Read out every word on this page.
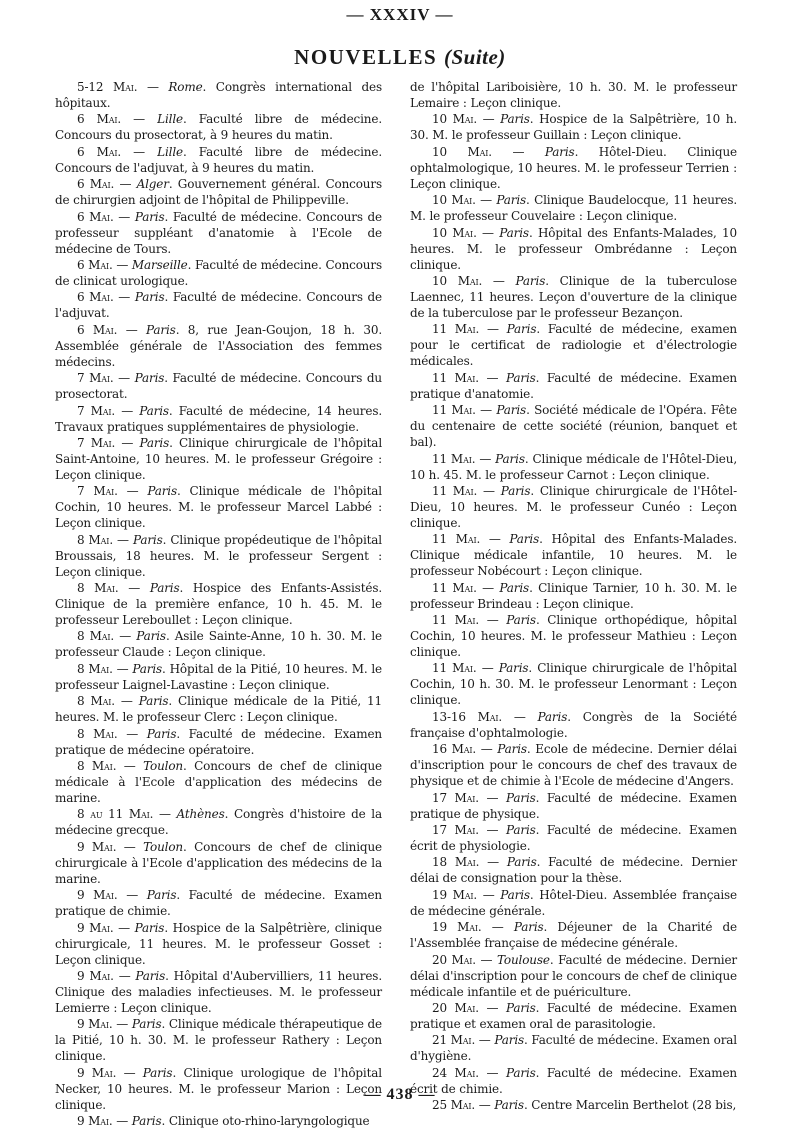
— XXXIV —
NOUVELLES (Suite)

5-12 Mai. — Rome. Congrès international des hôpitaux.

6 Mai. — Lille. Faculté libre de médecine. Concours du prosectorat, à 9 heures du matin.

6 Mai. — Lille. Faculté libre de médecine. Concours de l'adjuvat, à 9 heures du matin.

6 Mai. — Alger. Gouvernement général. Concours de chirurgien adjoint de l'hôpital de Philippeville.

6 Mai. — Paris. Faculté de médecine. Concours de professeur suppléant d'anatomie à l'Ecole de médecine de Tours.

6 Mai. — Marseille. Faculté de médecine. Concours de clinicat urologique.

6 Mai. — Paris. Faculté de médecine. Concours de l'adjuvat.

6 Mai. — Paris. 8, rue Jean-Goujon, 18 h. 30. Assemblée générale de l'Association des femmes médecins.

7 Mai. — Paris. Faculté de médecine. Concours du prosectorat.

7 Mai. — Paris. Faculté de médecine, 14 heures. Travaux pratiques supplémentaires de physiologie.

7 Mai. — Paris. Clinique chirurgicale de l'hôpital Saint-Antoine, 10 heures. M. le professeur Grégoire : Leçon clinique.

7 Mai. — Paris. Clinique médicale de l'hôpital Cochin, 10 heures. M. le professeur Marcel Labbé : Leçon clinique.

8 Mai. — Paris. Clinique propédeutique de l'hôpital Broussais, 18 heures. M. le professeur Sergent : Leçon clinique.

8 Mai. — Paris. Hospice des Enfants-Assistés. Clinique de la première enfance, 10 h. 45. M. le professeur Lereboullet : Leçon clinique.

8 Mai. — Paris. Asile Sainte-Anne, 10 h. 30. M. le professeur Claude : Leçon clinique.

8 Mai. — Paris. Hôpital de la Pitié, 10 heures. M. le professeur Laignel-Lavastine : Leçon clinique.

8 Mai. — Paris. Clinique médicale de la Pitié, 11 heures. M. le professeur Clerc : Leçon clinique.

8 Mai. — Paris. Faculté de médecine. Examen pratique de médecine opératoire.

8 Mai. — Toulon. Concours de chef de clinique médicale à l'Ecole d'application des médecins de marine.

8 au 11 Mai. — Athènes. Congrès d'histoire de la médecine grecque.

9 Mai. — Toulon. Concours de chef de clinique chirurgicale à l'Ecole d'application des médecins de la marine.

9 Mai. — Paris. Faculté de médecine. Examen pratique de chimie.

9 Mai. — Paris. Hospice de la Salpêtrière, clinique chirurgicale, 11 heures. M. le professeur Gosset : Leçon clinique.

9 Mai. — Paris. Hôpital d'Aubervilliers, 11 heures. Clinique des maladies infectieuses. M. le professeur Lemierre : Leçon clinique.

9 Mai. — Paris. Clinique médicale thérapeutique de la Pitié, 10 h. 30. M. le professeur Rathery : Leçon clinique.

9 Mai. — Paris. Clinique urologique de l'hôpital Necker, 10 heures. M. le professeur Marion : Leçon clinique.

9 Mai. — Paris. Clinique oto-rhino-laryngologique

de l'hôpital Lariboisière, 10 h. 30. M. le professeur Lemaire : Leçon clinique.

10 Mai. — Paris. Hospice de la Salpêtrière, 10 h. 30. M. le professeur Guillain : Leçon clinique.

10 Mai. — Paris. Hôtel-Dieu. Clinique ophtalmologique, 10 heures. M. le professeur Terrien : Leçon clinique.

10 Mai. — Paris. Clinique Baudelocque, 11 heures. M. le professeur Couvelaire : Leçon clinique.

10 Mai. — Paris. Hôpital des Enfants-Malades, 10 heures. M. le professeur Ombrédanne : Leçon clinique.

10 Mai. — Paris. Clinique de la tuberculose Laennec, 11 heures. Leçon d'ouverture de la clinique de la tuberculose par le professeur Bezançon.

11 Mai. — Paris. Faculté de médecine, examen pour le certificat de radiologie et d'électrologie médicales.

11 Mai. — Paris. Faculté de médecine. Examen pratique d'anatomie.

11 Mai. — Paris. Société médicale de l'Opéra. Fête du centenaire de cette société (réunion, banquet et bal).

11 Mai. — Paris. Clinique médicale de l'Hôtel-Dieu, 10 h. 45. M. le professeur Carnot : Leçon clinique.

11 Mai. — Paris. Clinique chirurgicale de l'Hôtel-Dieu, 10 heures. M. le professeur Cunéo : Leçon clinique.

11 Mai. — Paris. Hôpital des Enfants-Malades. Clinique médicale infantile, 10 heures. M. le professeur Nobécourt : Leçon clinique.

11 Mai. — Paris. Clinique Tarnier, 10 h. 30. M. le professeur Brindeau : Leçon clinique.

11 Mai. — Paris. Clinique orthopédique, hôpital Cochin, 10 heures. M. le professeur Mathieu : Leçon clinique.

11 Mai. — Paris. Clinique chirurgicale de l'hôpital Cochin, 10 h. 30. M. le professeur Lenormant : Leçon clinique.

13-16 Mai. — Paris. Congrès de la Société française d'ophtalmologie.

16 Mai. — Paris. Ecole de médecine. Dernier délai d'inscription pour le concours de chef des travaux de physique et de chimie à l'Ecole de médecine d'Angers.

17 Mai. — Paris. Faculté de médecine. Examen pratique de physique.

17 Mai. — Paris. Faculté de médecine. Examen écrit de physiologie.

18 Mai. — Paris. Faculté de médecine. Dernier délai de consignation pour la thèse.

19 Mai. — Paris. Hôtel-Dieu. Assemblée française de médecine générale.

19 Mai. — Paris. Déjeuner de la Charité de l'Assemblée française de médecine générale.

20 Mai. — Toulouse. Faculté de médecine. Dernier délai d'inscription pour le concours de chef de clinique médicale infantile et de puériculture.

20 Mai. — Paris. Faculté de médecine. Examen pratique et examen oral de parasitologie.

21 Mai. — Paris. Faculté de médecine. Examen oral d'hygiène.

24 Mai. — Paris. Faculté de médecine. Examen écrit de chimie.

25 Mai. — Paris. Centre Marcelin Berthelot (28 bis,

— 438 —
